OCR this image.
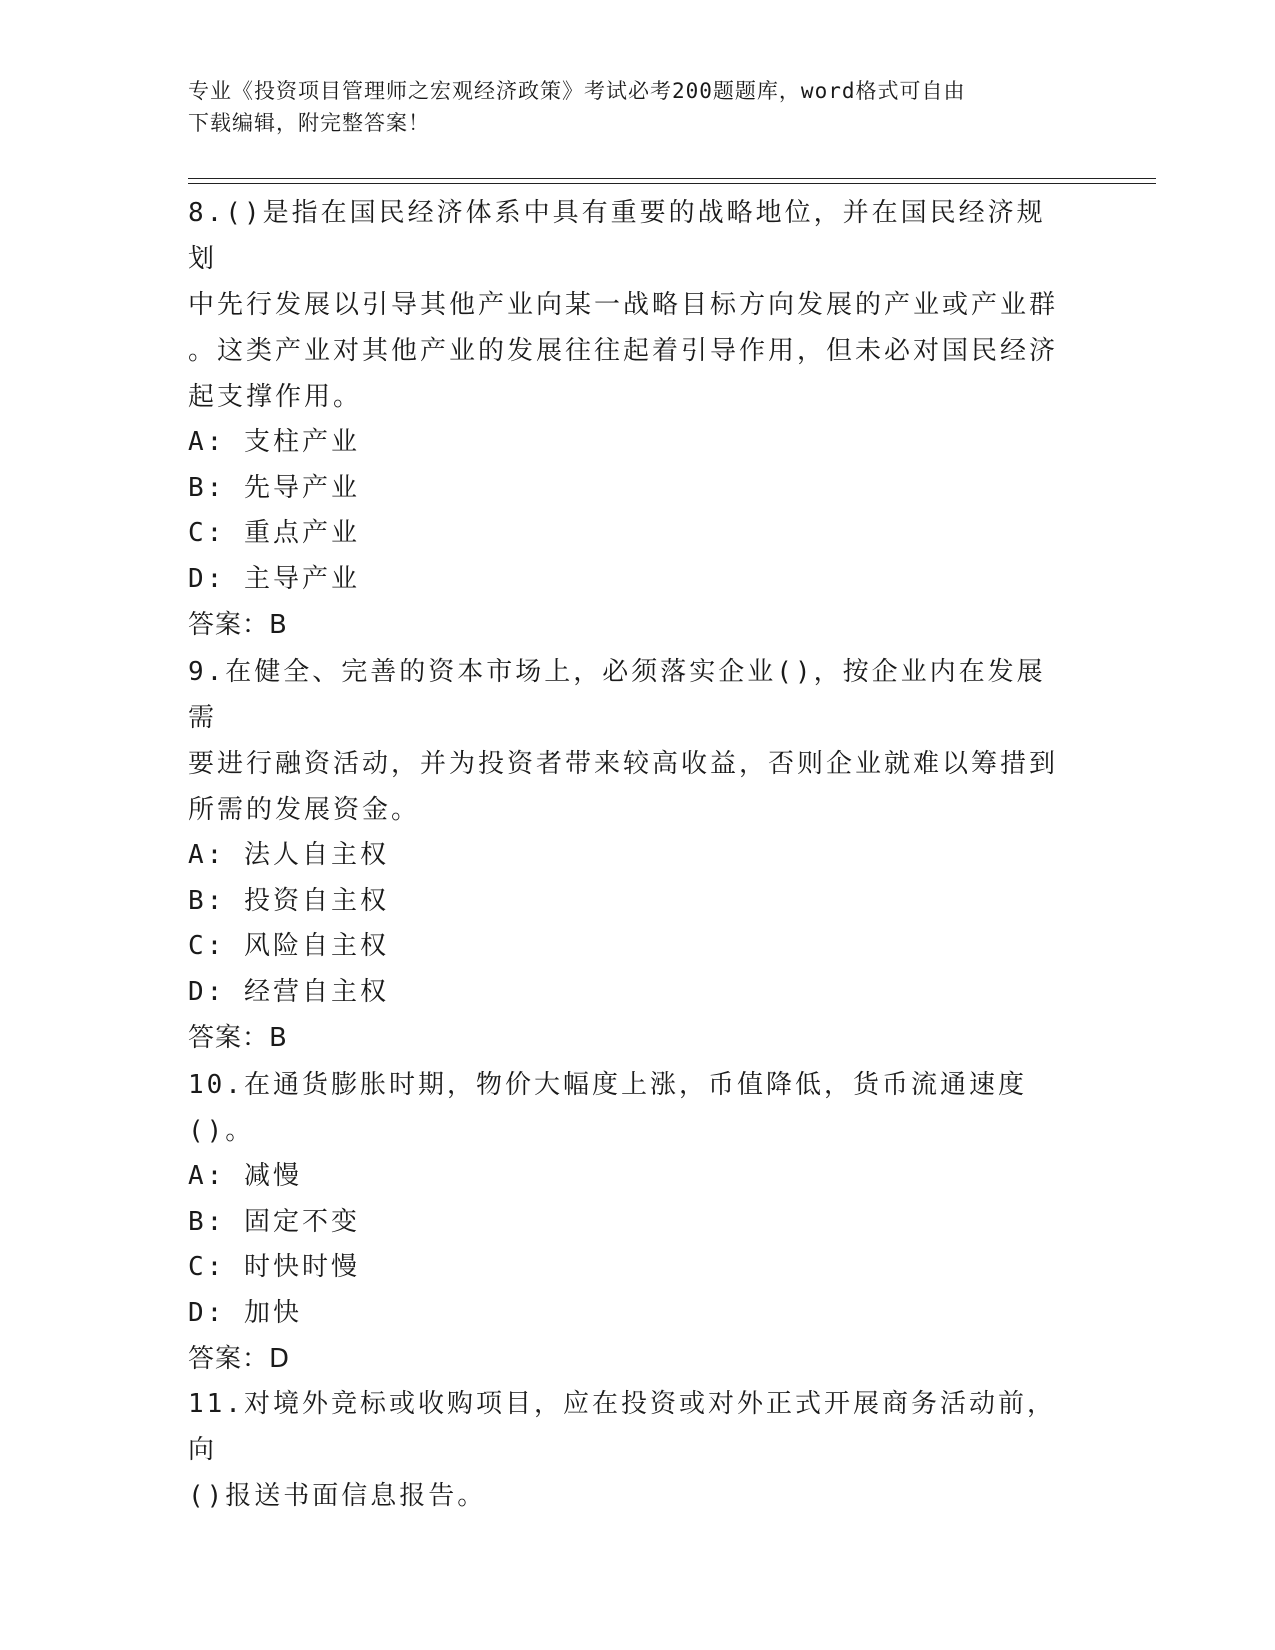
专业《投资项目管理师之宏观经济政策》考试必考200题题库，word格式可自由
下载编辑，附完整答案！
8.()是指在国民经济体系中具有重要的战略地位，并在国民经济规划
中先行发展以引导其他产业向某一战略目标方向发展的产业或产业群
。这类产业对其他产业的发展往往起着引导作用，但未必对国民经济
起支撑作用。
A: 支柱产业
B: 先导产业
C: 重点产业
D: 主导产业
答案：B
9.在健全、完善的资本市场上，必须落实企业()，按企业内在发展需
要进行融资活动，并为投资者带来较高收益，否则企业就难以筹措到
所需的发展资金。
A: 法人自主权
B: 投资自主权
C: 风险自主权
D: 经营自主权
答案：B
10.在通货膨胀时期，物价大幅度上涨，币值降低，货币流通速度()。
A: 减慢
B: 固定不变
C: 时快时慢
D: 加快
答案：D
11.对境外竞标或收购项目，应在投资或对外正式开展商务活动前，向
()报送书面信息报告。
